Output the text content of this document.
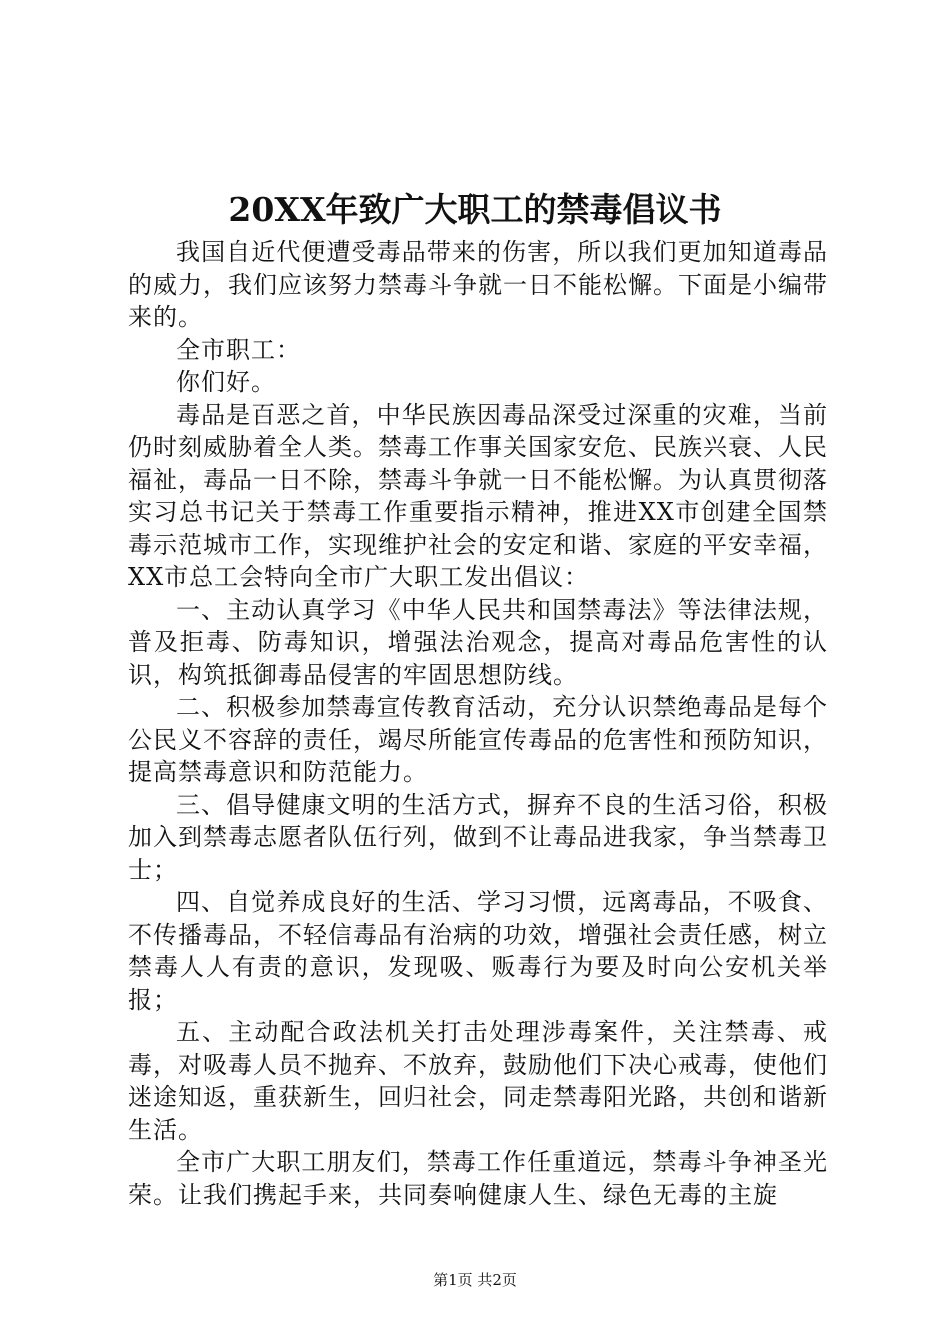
20XX年致广大职工的禁毒倡议书

我国自近代便遭受毒品带来的伤害，所以我们更加知道毒品的威力，我们应该努力禁毒斗争就一日不能松懈。下面是小编带来的。

全市职工：

你们好。

毒品是百恶之首，中华民族因毒品深受过深重的灾难，当前仍时刻威胁着全人类。禁毒工作事关国家安危、民族兴衰、人民福祉，毒品一日不除，禁毒斗争就一日不能松懈。为认真贯彻落实习总书记关于禁毒工作重要指示精神，推进XX市创建全国禁毒示范城市工作，实现维护社会的安定和谐、家庭的平安幸福，XX市总工会特向全市广大职工发出倡议：

一、主动认真学习《中华人民共和国禁毒法》等法律法规，普及拒毒、防毒知识，增强法治观念，提高对毒品危害性的认识，构筑抵御毒品侵害的牢固思想防线。

二、积极参加禁毒宣传教育活动，充分认识禁绝毒品是每个公民义不容辞的责任，竭尽所能宣传毒品的危害性和预防知识，提高禁毒意识和防范能力。

三、倡导健康文明的生活方式，摒弃不良的生活习俗，积极加入到禁毒志愿者队伍行列，做到不让毒品进我家，争当禁毒卫士；

四、自觉养成良好的生活、学习习惯，远离毒品，不吸食、不传播毒品，不轻信毒品有治病的功效，增强社会责任感，树立禁毒人人有责的意识，发现吸、贩毒行为要及时向公安机关举报；

五、主动配合政法机关打击处理涉毒案件，关注禁毒、戒毒，对吸毒人员不抛弃、不放弃，鼓励他们下决心戒毒，使他们迷途知返，重获新生，回归社会，同走禁毒阳光路，共创和谐新生活。

全市广大职工朋友们，禁毒工作任重道远，禁毒斗争神圣光荣。让我们携起手来，共同奏响健康人生、绿色无毒的主旋

第1页 共2页
